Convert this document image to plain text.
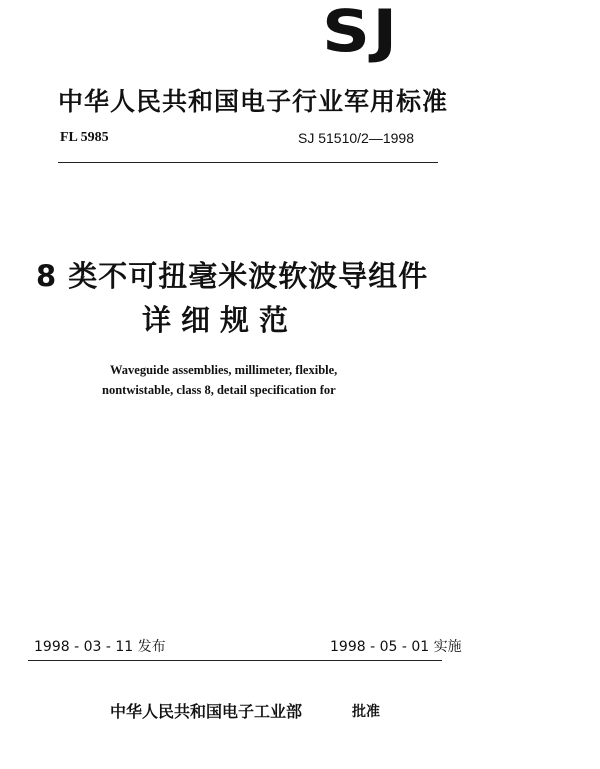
SJ
中华人民共和国电子行业军用标准
FL 5985	SJ 51510/2—1998
8 类不可扭毫米波软波导组件
详细规范
Waveguide assemblies, millimeter, flexible,
nontwistable, class 8, detail specification for
1998 - 03 - 11 发布	1998 - 05 - 01 实施
中华人民共和国电子工业部	批准
